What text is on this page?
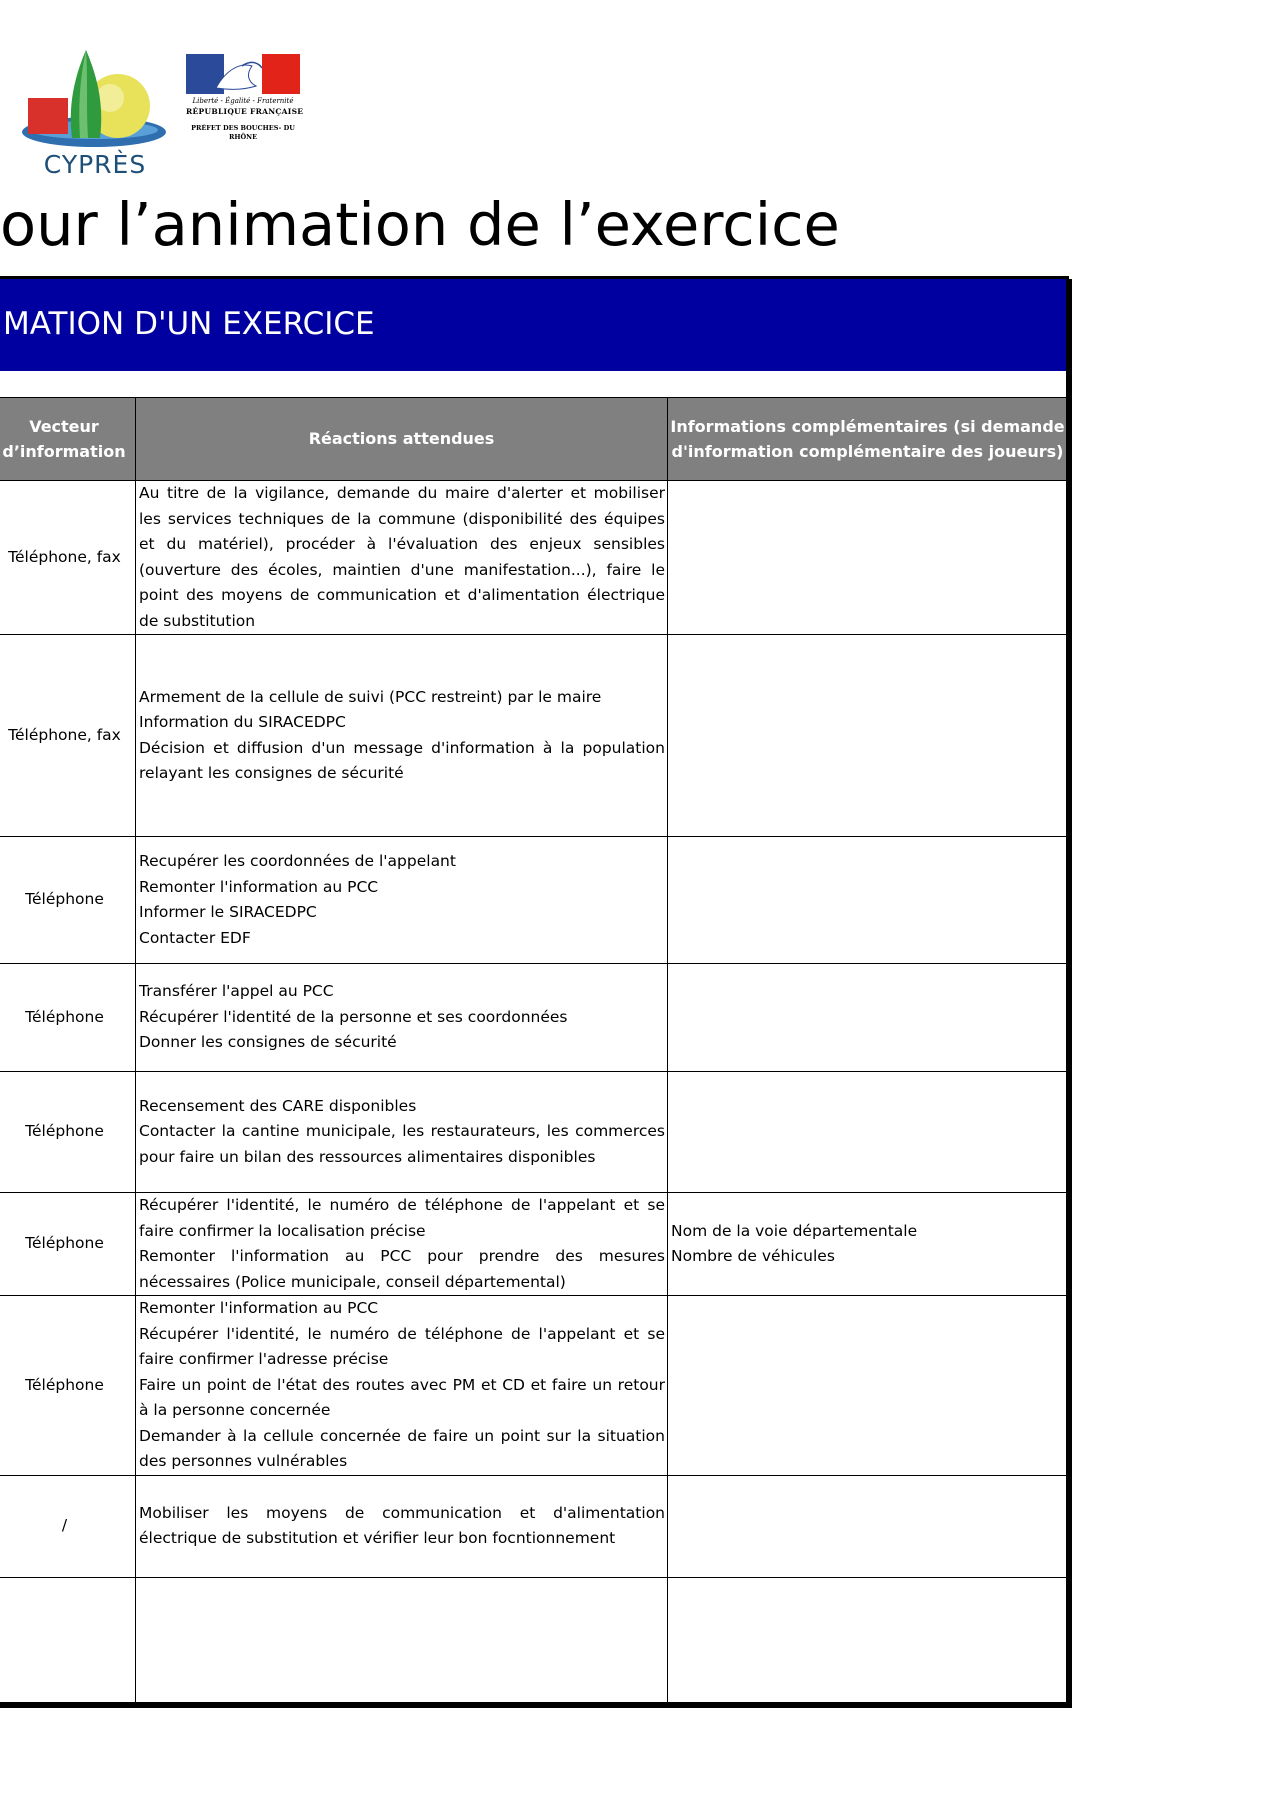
CYPRÈS
Liberté - Égalité - Fraternité
RÉPUBLIQUE FRANÇAISE
PRÉFET DES BOUCHES- DU RHÔNE
our l’animation de l’exercice
MATION D'UN EXERCICE
Vecteur d’information	Réactions attendues	Informations complémentaires (si demande d'information complémentaire des joueurs)
Téléphone, fax	Au titre de la vigilance, demande du maire d'alerter et mobiliser les services techniques de la commune (disponibilité des équipes et du matériel), procéder à l'évaluation des enjeux sensibles (ouverture des écoles, maintien d'une manifestation...), faire le point des moyens de communication et d'alimentation électrique de substitution	

Téléphone, fax	Armement de la cellule de suivi (PCC restreint) par le maire
Information du SIRACEDPC
Décision et diffusion d'un message d'information à la population relayant les consignes de sécurité	

Téléphone	Recupérer les coordonnées de l'appelant
Remonter l'information au PCC
Informer le SIRACEDPC
Contacter EDF	

Téléphone	Transférer l'appel au PCC
Récupérer l'identité de la personne et ses coordonnées
Donner les consignes de sécurité	

Téléphone	Recensement des CARE disponibles
Contacter la cantine municipale, les restaurateurs, les commerces pour faire un bilan des ressources alimentaires disponibles	

Téléphone	Récupérer l'identité, le numéro de téléphone de l'appelant et se faire confirmer la localisation précise
Remonter l'information au PCC pour prendre des mesures nécessaires (Police municipale, conseil départemental)	Nom de la voie départementale
Nombre de véhicules

Téléphone	Remonter l'information au PCC
Récupérer l'identité, le numéro de téléphone de l'appelant et se faire confirmer l'adresse précise
Faire un point de l'état des routes avec PM et CD et faire un retour à la personne concernée
Demander à la cellule concernée de faire un point sur la situation des personnes vulnérables	

/	Mobiliser les moyens de communication et d'alimentation électrique de substitution et vérifier leur bon focntionnement	
